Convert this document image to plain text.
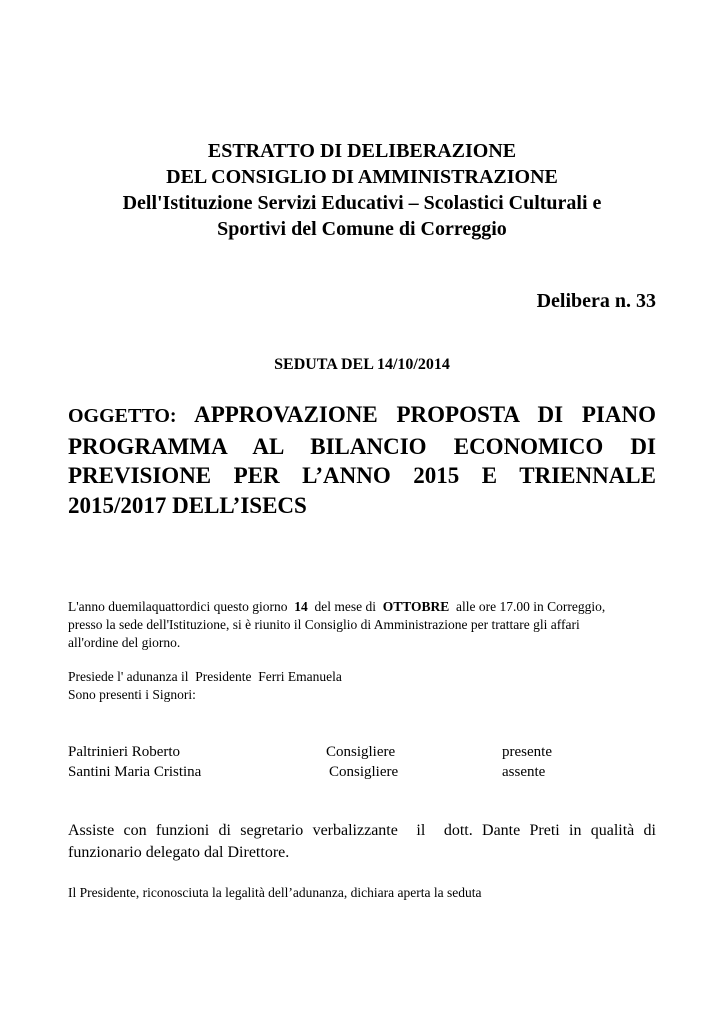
ESTRATTO DI DELIBERAZIONE
DEL CONSIGLIO DI AMMINISTRAZIONE
Dell'Istituzione Servizi Educativi – Scolastici Culturali e
Sportivi del Comune di Correggio
Delibera n. 33
SEDUTA DEL 14/10/2014
OGGETTO: APPROVAZIONE PROPOSTA DI PIANO PROGRAMMA AL BILANCIO ECONOMICO DI PREVISIONE PER L’ANNO 2015 E TRIENNALE 2015/2017 DELL’ISECS
L'anno duemilaquattordici questo giorno 14 del mese di OTTOBRE alle ore 17.00 in Correggio,
presso la sede dell'Istituzione, si è riunito il Consiglio di Amministrazione per trattare gli affari
all'ordine del giorno.
Presiede l' adunanza il  Presidente  Ferri Emanuela
Sono presenti i Signori:
Paltrinieri Roberto	Consigliere	presente
Santini Maria Cristina	Consigliere	assente
Assiste con funzioni di segretario verbalizzante  il  dott. Dante Preti in qualità di funzionario delegato dal Direttore.
Il Presidente, riconosciuta la legalità dell’adunanza, dichiara aperta la seduta
